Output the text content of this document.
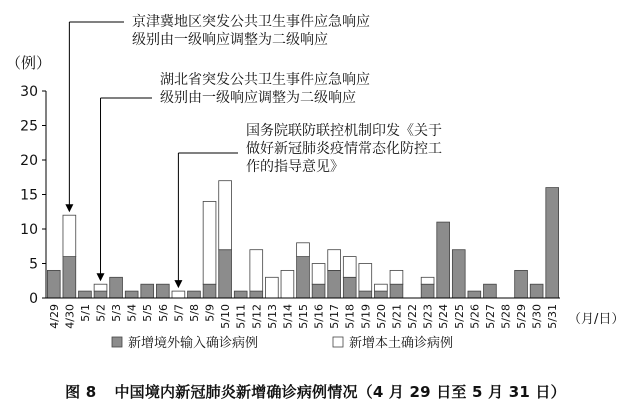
京津冀地区突发公共卫生事件应急响应
级别由一级响应调整为二级响应
湖北省突发公共卫生事件应急响应
级别由一级响应调整为二级响应
国务院联防联控机制印发《关于
做好新冠肺炎疫情常态化防控工
作的指导意见》
0
5
10
15
20
25
30
（例）
4/29 4/30 5/1 5/2 5/3 5/4 5/5 5/6 5/7 5/8 5/9 5/10 5/11 5/12 5/13 5/14 5/15 5/16 5/17 5/18 5/19 5/20 5/21 5/22 5/23 5/24 5/25 5/26 5/27 5/28 5/29 5/30 5/31 （月/日）
新增境外输入确诊病例	新增本土确诊病例
图 8 中国境内新冠肺炎新增确诊病例情况（4 月 29 日至 5 月 31 日）
